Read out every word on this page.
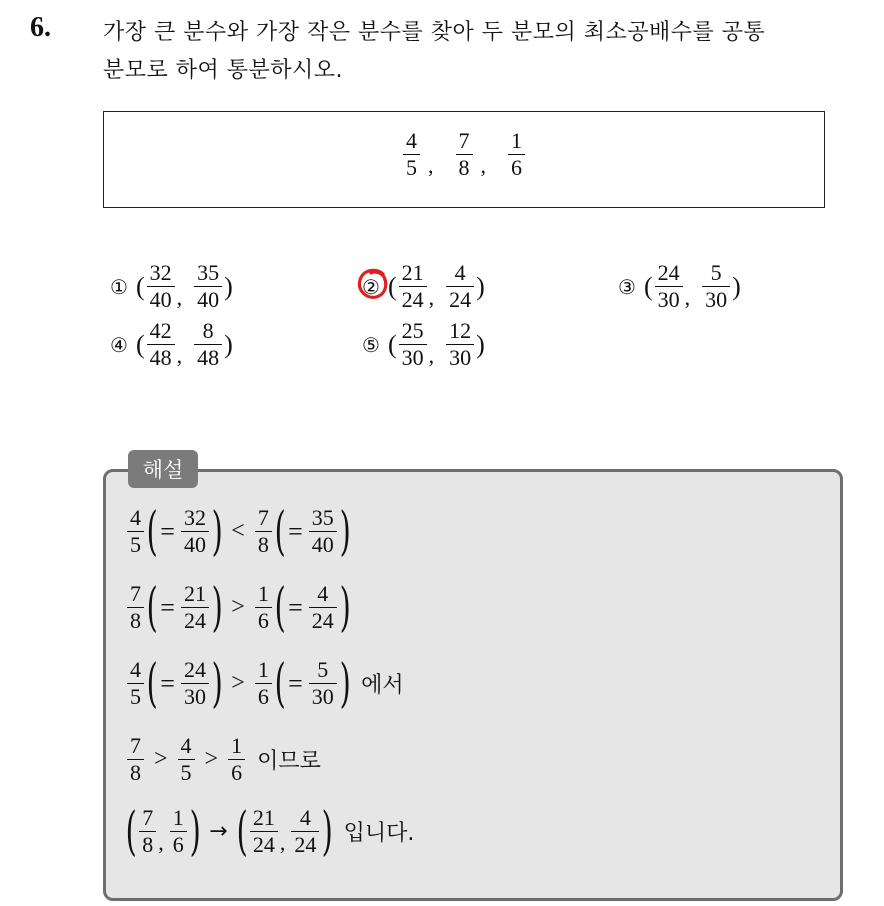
6. 가장 큰 분수와 가장 작은 분수를 찾아 두 분모의 최소공배수를 공통
분모로 하여 통분하시오.
$\frac{4}{5}$ , $\frac{7}{8}$ , $\frac{1}{6}$
① ( $\frac{32}{40}$ , $\frac{35}{40}$ )	② ( $\frac{21}{24}$ , $\frac{4}{24}$ )	③ ( $\frac{24}{30}$ , $\frac{5}{30}$ )
④ ( $\frac{42}{48}$ , $\frac{8}{48}$ )	⑤ ( $\frac{25}{30}$ , $\frac{12}{30}$ )
해설
$\frac{4}{5}$ ( = $\frac{32}{40}$ ) < $\frac{7}{8}$ ( = $\frac{35}{40}$ )
$\frac{7}{8}$ ( = $\frac{21}{24}$ ) > $\frac{1}{6}$ ( = $\frac{4}{24}$ )
$\frac{4}{5}$ ( = $\frac{24}{30}$ ) > $\frac{1}{6}$ ( = $\frac{5}{30}$ ) 에서
$\frac{7}{8} > \frac{4}{5} > \frac{1}{6}$ 이므로
( $\frac{7}{8}$ , $\frac{1}{6}$ ) → ( $\frac{21}{24}$ , $\frac{4}{24}$ ) 입니다.
